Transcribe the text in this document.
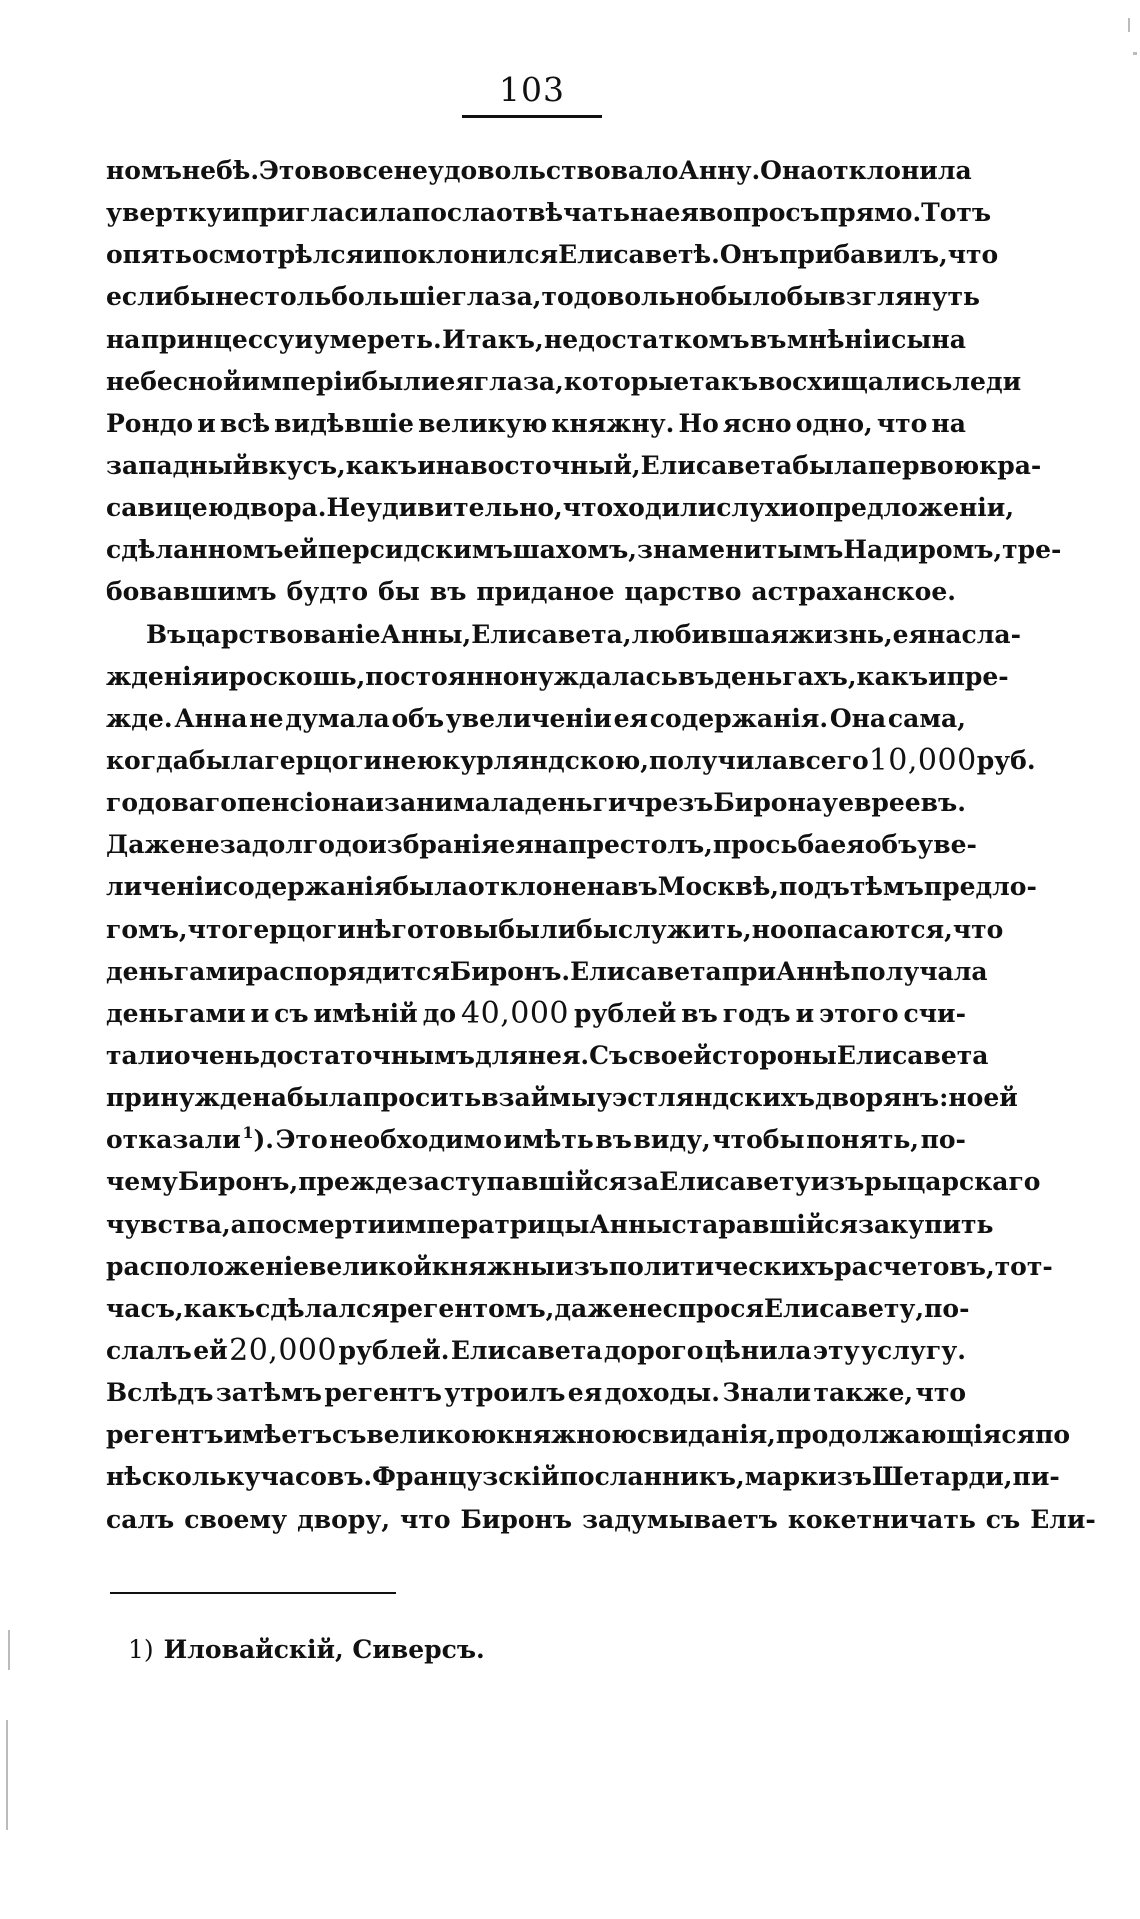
103
номъ небѣ. Это вовсе не удовольствовало Анну. Она отклонила
увертку и пригласила посла отвѣчать на ея вопросъ прямо. Тотъ
опять осмотрѣлся и поклонился Елисаветѣ. Онъ прибавилъ, что
если бы не столь большіе глаза, то довольно было бы взглянуть
на принцессу и умереть. И такъ, недостаткомъ въ мнѣніи сына
небесной имперіи были ея глаза, которые такъ восхищались леди
Рондо и всѣ видѣвшіе великую княжну. Но ясно одно, что на
западный вкусъ, какъ и на восточный, Елисавета была первою кра-
савицею двора. Неудивительно, что ходили слухи о предложеніи,
сдѣланномъ ей персидскимъ шахомъ, знаменитымъ Надиромъ, тре-
бовавшимъ будто бы въ приданое царство астраханское.
Въ царствованіе Анны, Елисавета, любившая жизнь, ея насла-
жденія и роскошь, постоянно нуждалась въ деньгахъ, какъ и пре-
жде. Анна не думала объ увеличеніи ея содержанія. Она сама,
когда была герцогинею курляндскою, получила всего 10,000 руб.
годоваго пенсіона и занимала деньги чрезъ Бирона у евреевъ.
Даже незадолго до избранія ея на престолъ, просьба ея объ уве-
личеніи содержанія была отклонена въ Москвѣ, подъ тѣмъ предло-
гомъ, что герцогинѣ готовы были бы служить, но опасаются, что
деньгами распорядится Биронъ. Елисавета при Аннѣ получала
деньгами и съ имѣній до 40,000 рублей въ годъ и этого счи-
тали очень достаточнымъ для нея. Съ своей стороны Елисавета
принуждена была просить взаймы у эстляндскихъ дворянъ: но ей
отказали $^1$). Это необходимо имѣть въ виду, чтобы понять, по-
чему Биронъ, прежде заступавшійся за Елисавету изъ рыцарскаго
чувства, а по смерти императрицы Анны старавшійся закупить
расположеніе великой княжны изъ политическихъ расчетовъ, тот-
часъ, какъ сдѣлался регентомъ, даже не спрося Елисавету, по-
слалъ ей 20,000 рублей. Елисавета дорого цѣнила эту услугу.
Вслѣдъ затѣмъ регентъ утроилъ ея доходы. Знали также, что
регентъ имѣетъ съ великою княжною свиданія, продолжающіяся по
нѣскольку часовъ. Французскій посланникъ, маркизъ Шетарди, пи-
салъ своему двору, что Биронъ задумываетъ кокетничать съ Ели-
1) Иловайскій, Сиверсъ.
